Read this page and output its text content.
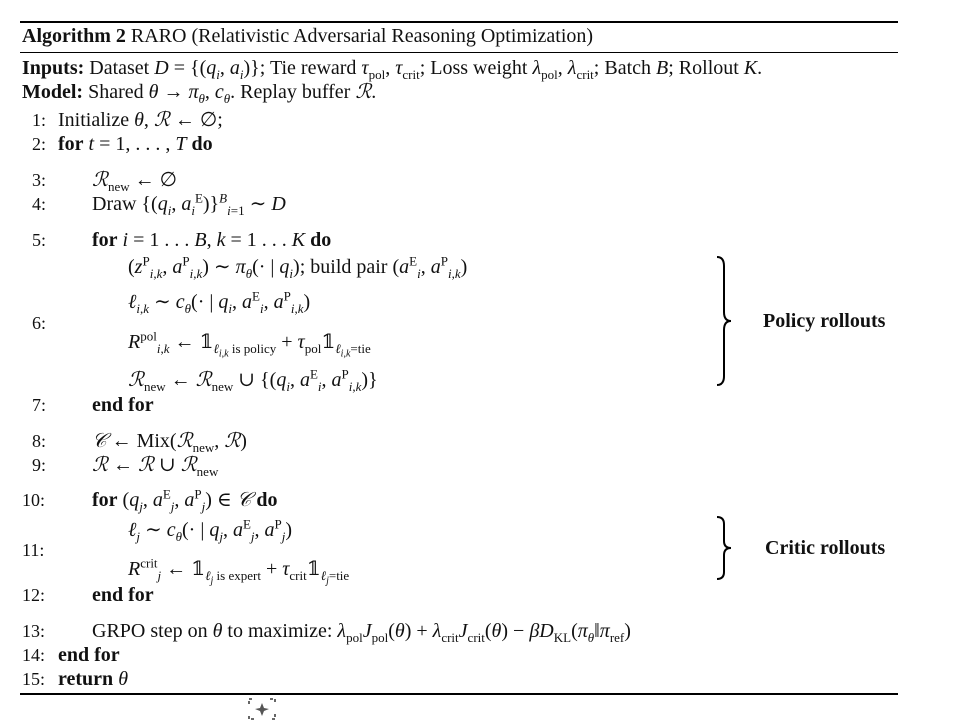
Algorithm 2 RARO (Relativistic Adversarial Reasoning Optimization)
Inputs: Dataset $D = \{(q_i$, $a_i$)}; Tie reward $\tau_{pol}$, $\tau_{crit}$; Loss weight $\lambda_{pol}$, $\lambda_{crit}$; Batch B; Rollout K.
Model: Shared $\theta \to \pi_\theta$, $c_\theta$. Replay buffer ℛ.
1:
2:
3:
4:
5:
6:
7:
8:
9:
10:
11:
12:
13:
14:
15:
Initialize θ, ℛ ← ∅;
for t = 1, . . . , T do
ℛ$_{new}$ ← ∅
Draw {($q_i$, $a_i^E)\}^B_{i=1}$ ∼ D
for i = 1 . . . B, k = 1 . . . K do
($z^P_{i,k}$, $a^P_{i,k}$) ∼ $\pi_\theta(\cdot$ | $q_i$); build pair ($a^E_i$, $a^P_{i,k}$)
ℓ$_{i,k}$ ∼ $c_\theta(\cdot$ | $q_i$, $a^E_i$, $a^P_{i,k}$)
$R^{pol}_{i,k}$ ← $𝟙_{\ell_{i,k} is policy}$ + $\tau_{pol}𝟙_{\ell_{i,k}=tie}$
ℛ$_{new}$ ← ℛ$_{new}$ ∪ {($q_i$, $a^E_i$, $a^P_{i,k}$)}
Policy rollouts
end for
𝒞 ← Mix(ℛ$_{new}$, ℛ)
ℛ ← ℛ ∪ ℛ$_{new}$
for ($q_j$, $a^E_j$, $a^P_j$) ∈ 𝒞 do
ℓ$_j$ ∼ $c_\theta(\cdot$ | $q_j$, $a^E_j$, $a^P_j$)
$R^{crit}_j$ ← $𝟙_{\ell_j is expert}$ + $\tau_{crit}𝟙_{\ell_j=tie}$
Critic rollouts
end for
GRPO step on θ to maximize: $\lambda_{pol}J_{pol}(\theta) + \lambda_{crit}J_{crit}(\theta)$ − $\beta D_{KL}(\pi_\theta‖\pi_{ref})$
end for
return θ
